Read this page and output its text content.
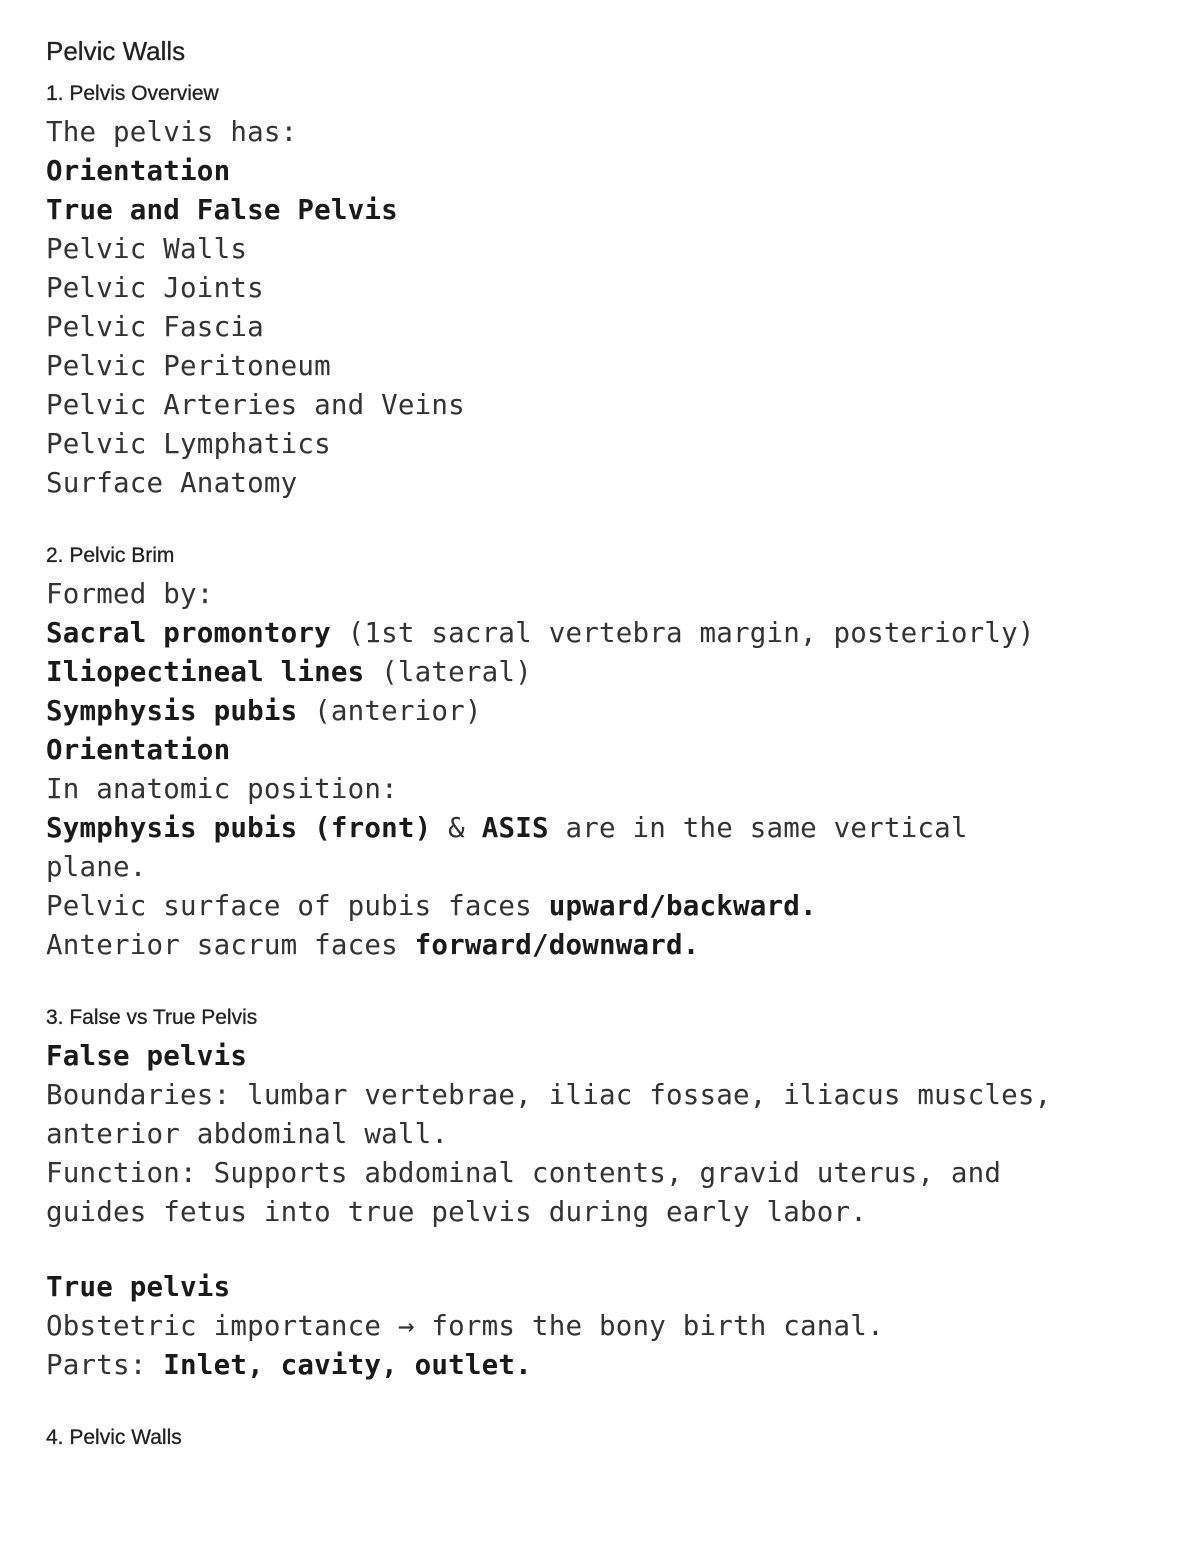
Pelvic Walls
1. Pelvis Overview
The pelvis has:
Orientation
True and False Pelvis
Pelvic Walls
Pelvic Joints
Pelvic Fascia
Pelvic Peritoneum
Pelvic Arteries and Veins
Pelvic Lymphatics
Surface Anatomy
2. Pelvic Brim
Formed by:
Sacral promontory (1st sacral vertebra margin, posteriorly)
Iliopectineal lines (lateral)
Symphysis pubis (anterior)
Orientation
In anatomic position:
Symphysis pubis (front) & ASIS are in the same vertical
plane.
Pelvic surface of pubis faces upward/backward.
Anterior sacrum faces forward/downward.
3. False vs True Pelvis
False pelvis
Boundaries: lumbar vertebrae, iliac fossae, iliacus muscles,
anterior abdominal wall.
Function: Supports abdominal contents, gravid uterus, and
guides fetus into true pelvis during early labor.
True pelvis
Obstetric importance → forms the bony birth canal.
Parts: Inlet, cavity, outlet.
4. Pelvic Walls
